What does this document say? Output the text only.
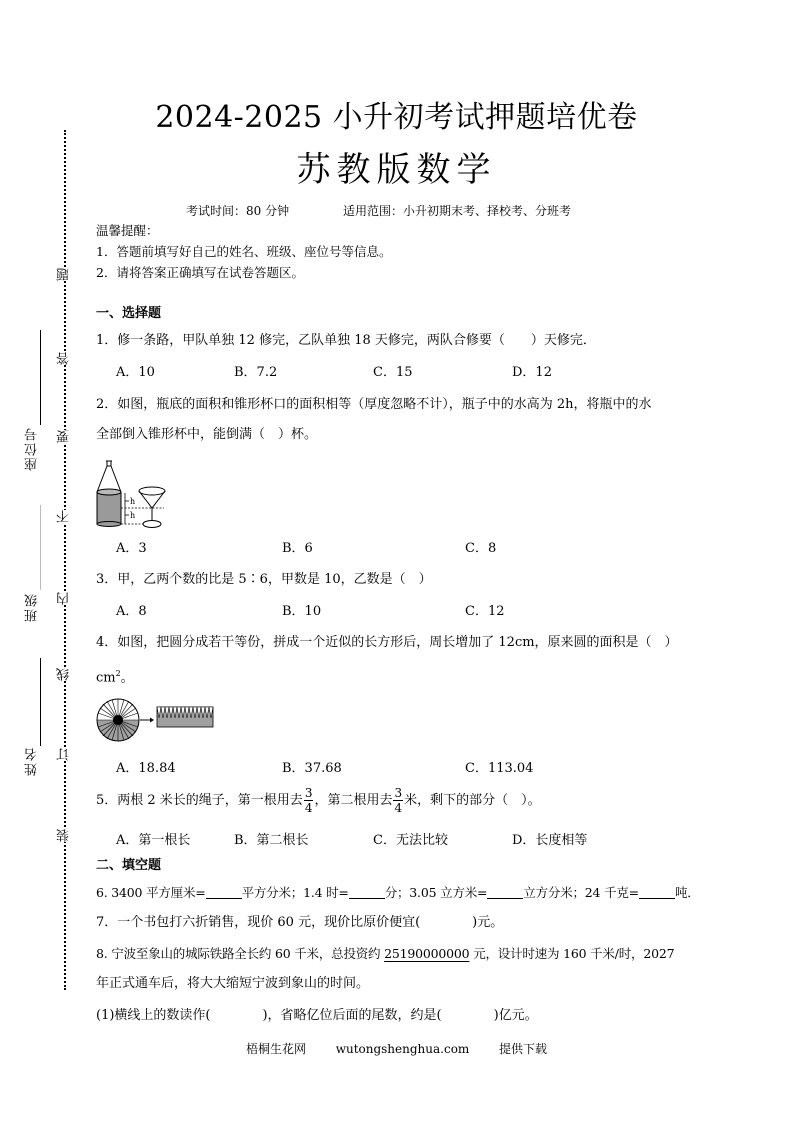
题
答
要
不
内
线
订
装
座位号
班级
姓名
2024-2025 小升初考试押题培优卷
苏教版数学
考试时间：80 分钟	适用范围：小升初期末考、择校考、分班考
温馨提醒：
1．答题前填写好自己的姓名、班级、座位号等信息。
2．请将答案正确填写在试卷答题区。
一、选择题
1．修一条路，甲队单独 12 修完，乙队单独 18 天修完，两队合修要（　　）天修完．
A．10	B．7.2	C．15	D．12
2．如图，瓶底的面积和锥形杯口的面积相等（厚度忽略不计），瓶子中的水高为 2h，将瓶中的水
全部倒入锥形杯中，能倒满（　）杯。
h
h
A．3	B．6	C．8
3．甲，乙两个数的比是 5∶6，甲数是 10，乙数是（　）
A．8	B．10	C．12
4．如图，把圆分成若干等份，拼成一个近似的长方形后，周长增加了 12cm，原来圆的面积是（　）
$cm^2$。
A．18.84	B．37.68	C．113.04
5．两根 2 米长的绳子，第一根用去 $\frac{3}{4}$ ，第二根用去 $\frac{3}{4}$ 米，剩下的部分（　）。
A．第一根长	B．第二根长	C．无法比较	D．长度相等
二、填空题
6. 3400 平方厘米=	平方分米；1.4 时=	分；3.05 立方米=	立方分米；24 千克=	吨．
7．一个书包打六折销售，现价 60 元，现价比原价便宜(　　　　)元。
8. 宁波至象山的城际铁路全长约 60 千米，总投资约 25190000000 元，设计时速为 160 千米/时，2027
年正式通车后，将大大缩短宁波到象山的时间。
(1)横线上的数读作(　　　　)，省略亿位后面的尾数，约是(　　　　)亿元。
梧桐生花网 wutongshenghua.com 提供下载
